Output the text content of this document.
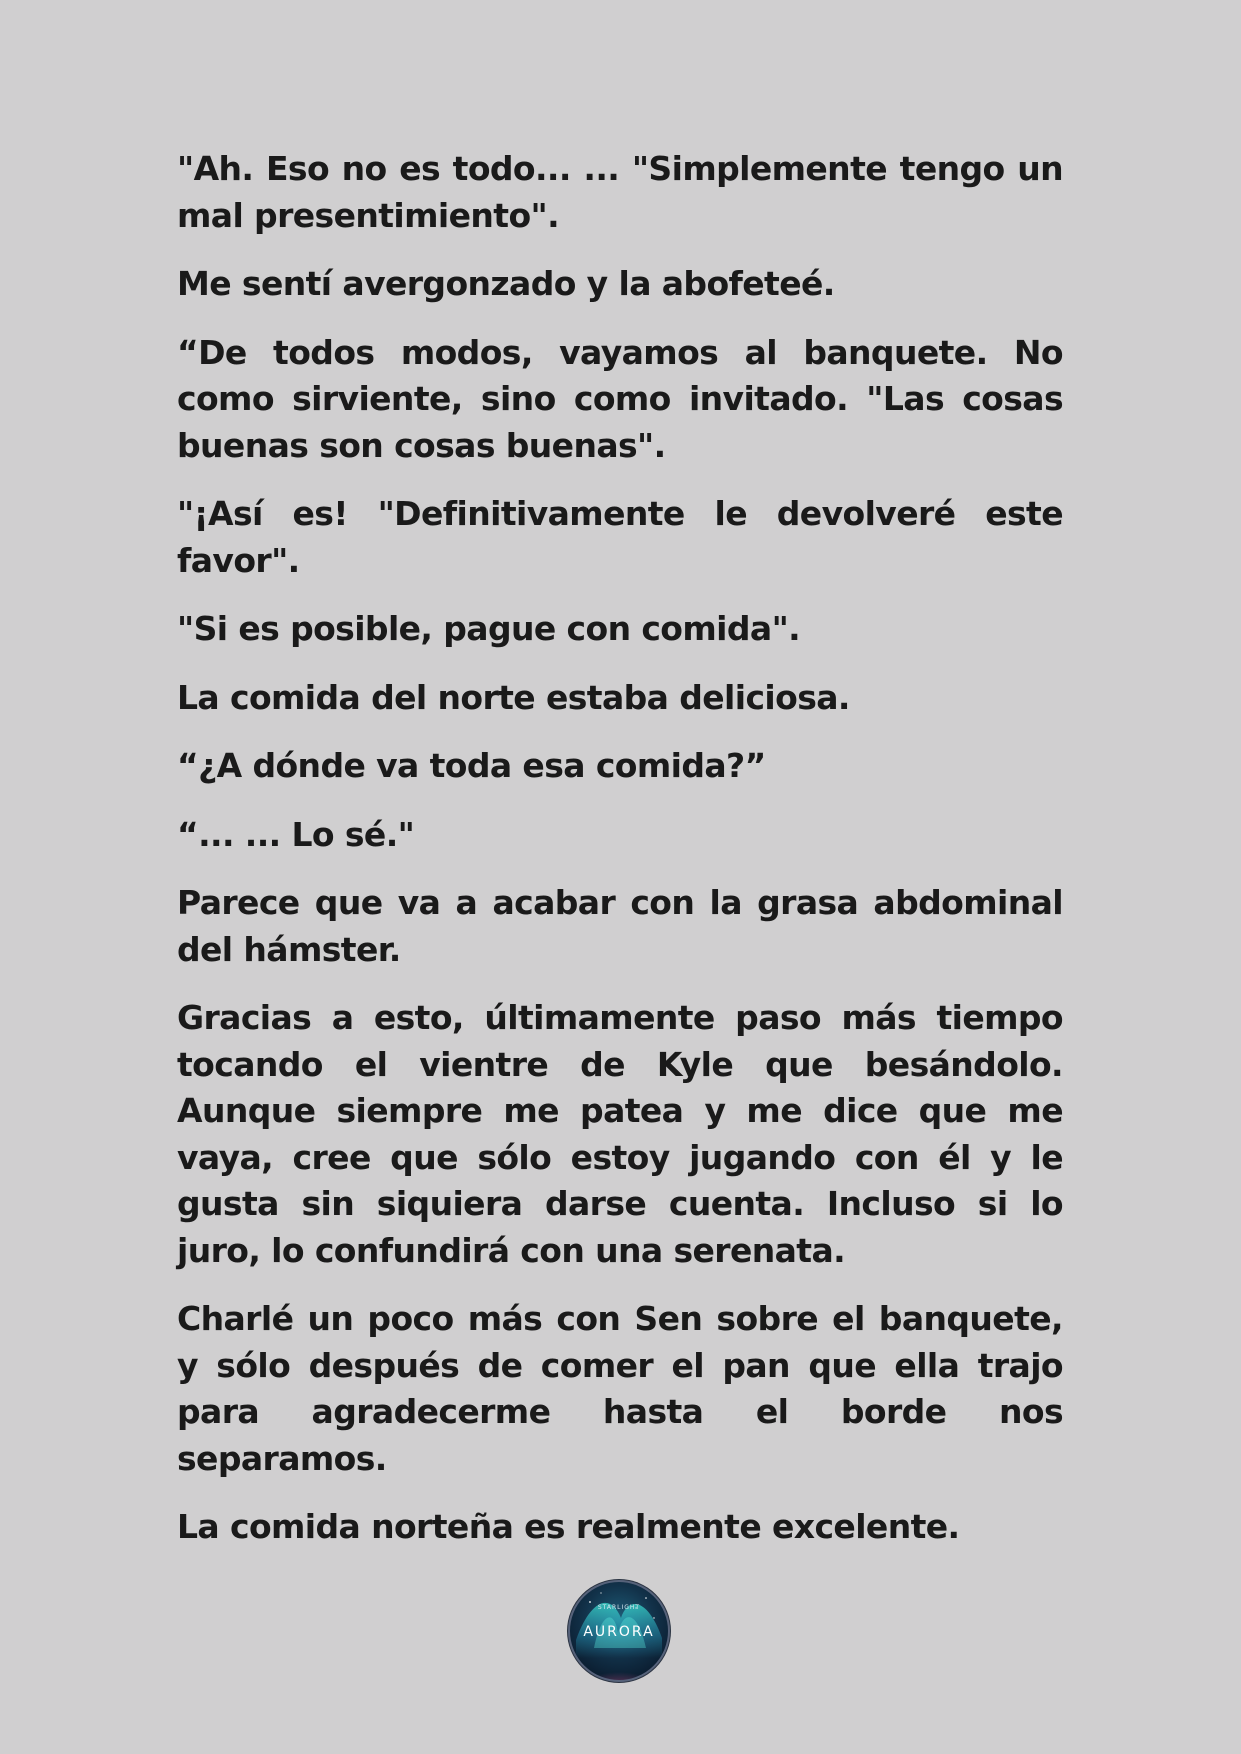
"Ah. Eso no es todo... ... "Simplemente tengo un mal presentimiento".

Me sentí avergonzado y la abofeteé.

“De todos modos, vayamos al banquete. No como sirviente, sino como invitado. "Las cosas buenas son cosas buenas".

"¡Así es! "Definitivamente le devolveré este favor".

"Si es posible, pague con comida".

La comida del norte estaba deliciosa.

“¿A dónde va toda esa comida?”

“... ... Lo sé."

Parece que va a acabar con la grasa abdominal del hámster.

Gracias a esto, últimamente paso más tiempo tocando el vientre de Kyle que besándolo. Aunque siempre me patea y me dice que me vaya, cree que sólo estoy jugando con él y le gusta sin siquiera darse cuenta. Incluso si lo juro, lo confundirá con una serenata.

Charlé un poco más con Sen sobre el banquete, y sólo después de comer el pan que ella trajo para agradecerme hasta el borde nos separamos.

La comida norteña es realmente excelente.

STARLIGHT
AURORA
